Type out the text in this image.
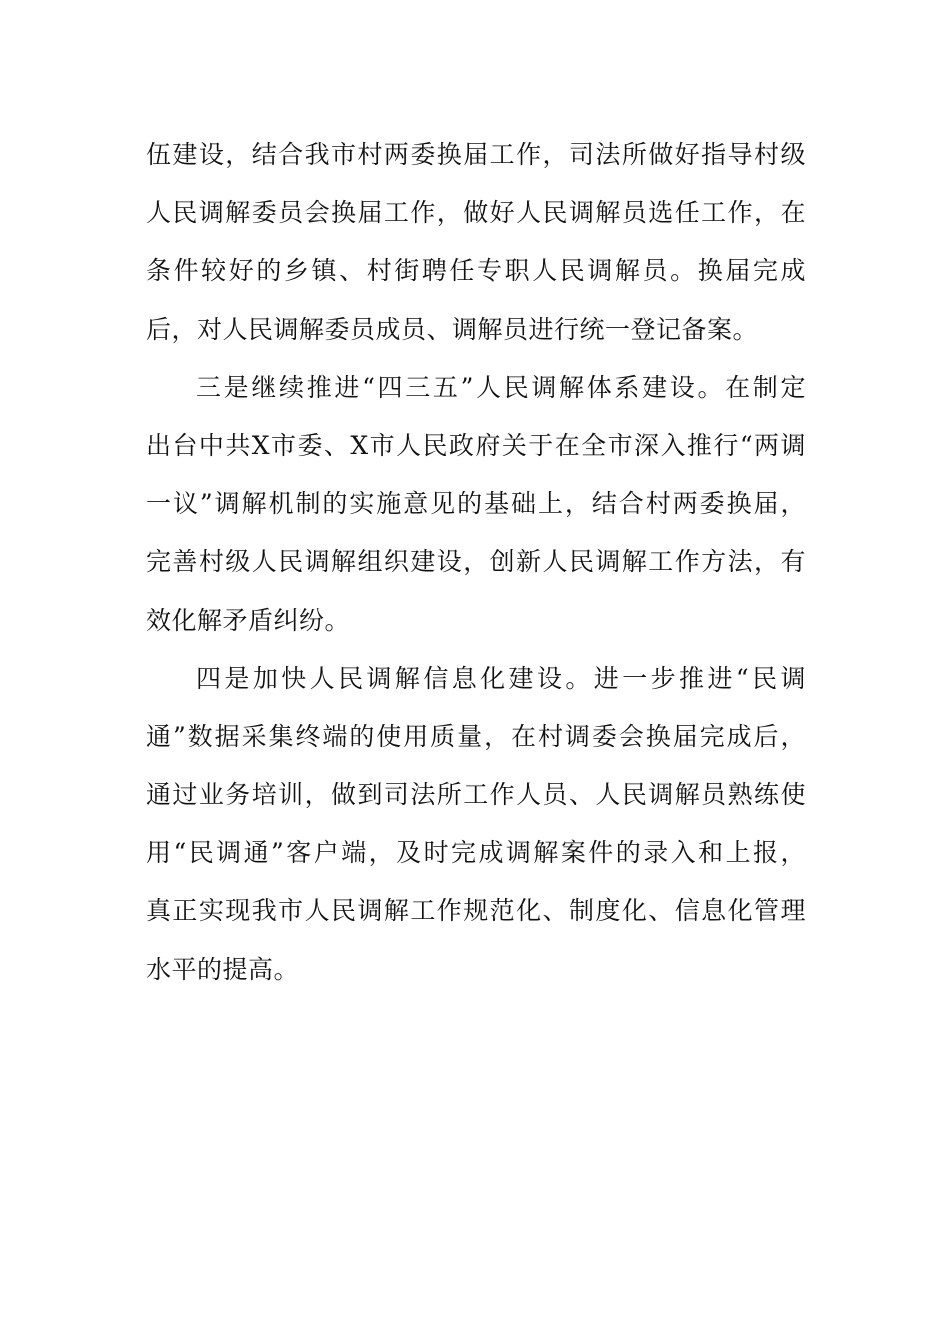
伍建设，结合我市村两委换届工作，司法所做好指导村级
人民调解委员会换届工作，做好人民调解员选任工作，在
条件较好的乡镇、村街聘任专职人民调解员。换届完成
后，对人民调解委员成员、调解员进行统一登记备案。
三是继续推进“四三五”人民调解体系建设。在制定
出台中共X市委、X市人民政府关于在全市深入推行“两调
一议”调解机制的实施意见的基础上，结合村两委换届，
完善村级人民调解组织建设，创新人民调解工作方法，有
效化解矛盾纠纷。
四是加快人民调解信息化建设。进一步推进“民调
通”数据采集终端的使用质量，在村调委会换届完成后，
通过业务培训，做到司法所工作人员、人民调解员熟练使
用“民调通”客户端，及时完成调解案件的录入和上报，
真正实现我市人民调解工作规范化、制度化、信息化管理
水平的提高。
